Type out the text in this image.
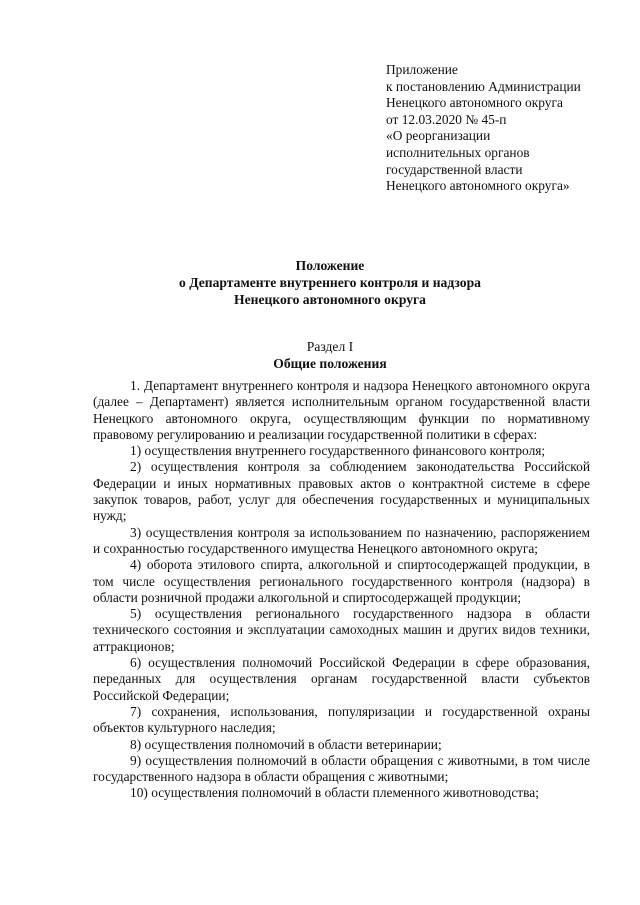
Приложение
к постановлению Администрации
Ненецкого автономного округа
от 12.03.2020 № 45-п
«О реорганизации
исполнительных органов
государственной власти
Ненецкого автономного округа»
Положение
о Департаменте внутреннего контроля и надзора
Ненецкого автономного округа
Раздел I
Общие положения

1. Департамент внутреннего контроля и надзора Ненецкого автономного округа (далее – Департамент) является исполнительным органом государственной власти Ненецкого автономного округа, осуществляющим функции по нормативному правовому регулированию и реализации государственной политики в сферах:

1) осуществления внутреннего государственного финансового контроля;

2) осуществления контроля за соблюдением законодательства Российской Федерации и иных нормативных правовых актов о контрактной системе в сфере закупок товаров, работ, услуг для обеспечения государственных и муниципальных нужд;

3) осуществления контроля за использованием по назначению, распоряжением и сохранностью государственного имущества Ненецкого автономного округа;

4) оборота этилового спирта, алкогольной и спиртосодержащей продукции, в том числе осуществления регионального государственного контроля (надзора) в области розничной продажи алкогольной и спиртосодержащей продукции;

5) осуществления регионального государственного надзора в области технического состояния и эксплуатации самоходных машин и других видов техники, аттракционов;

6) осуществления полномочий Российской Федерации в сфере образования, переданных для осуществления органам государственной власти субъектов Российской Федерации;

7) сохранения, использования, популяризации и государственной охраны объектов культурного наследия;

8) осуществления полномочий в области ветеринарии;

9) осуществления полномочий в области обращения с животными, в том числе государственного надзора в области обращения с животными;

10) осуществления полномочий в области племенного животноводства;
